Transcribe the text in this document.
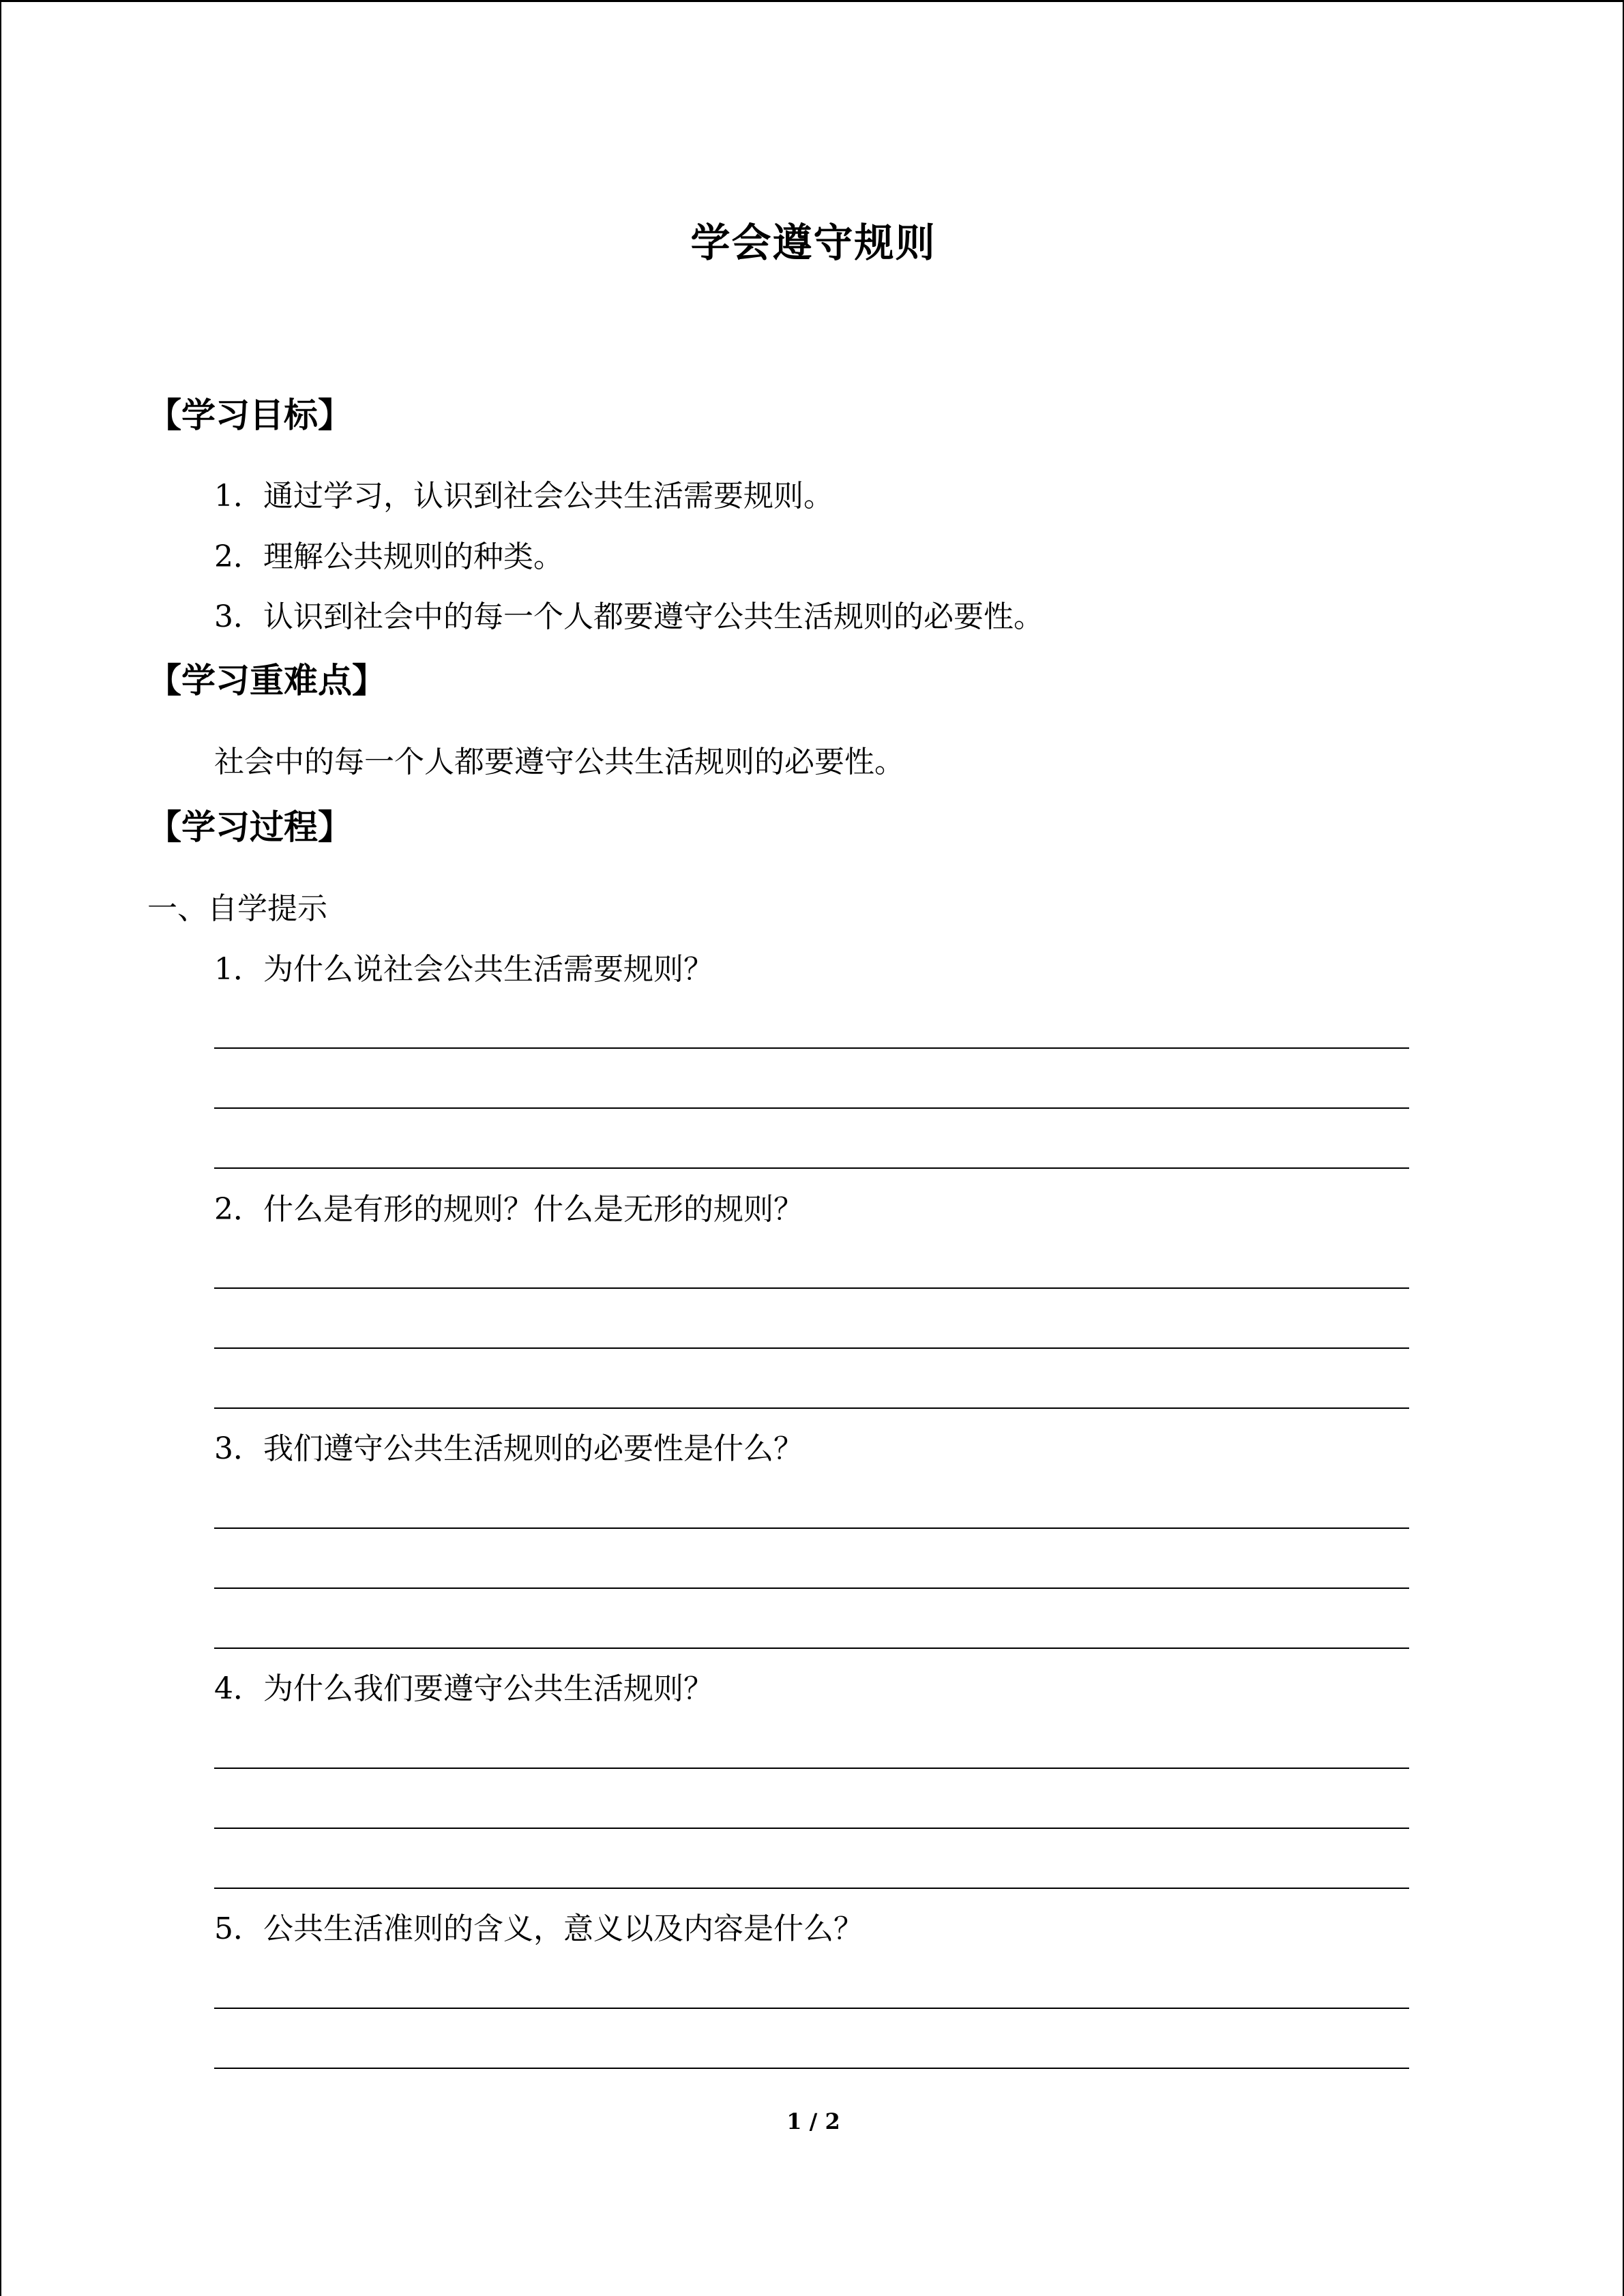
学会遵守规则
【学习目标】
1．通过学习，认识到社会公共生活需要规则。
2．理解公共规则的种类。
3．认识到社会中的每一个人都要遵守公共生活规则的必要性。
【学习重难点】
社会中的每一个人都要遵守公共生活规则的必要性。
【学习过程】
一、自学提示
1．为什么说社会公共生活需要规则？
2．什么是有形的规则？什么是无形的规则？
3．我们遵守公共生活规则的必要性是什么？
4．为什么我们要遵守公共生活规则？
5．公共生活准则的含义，意义以及内容是什么？
1 / 2
